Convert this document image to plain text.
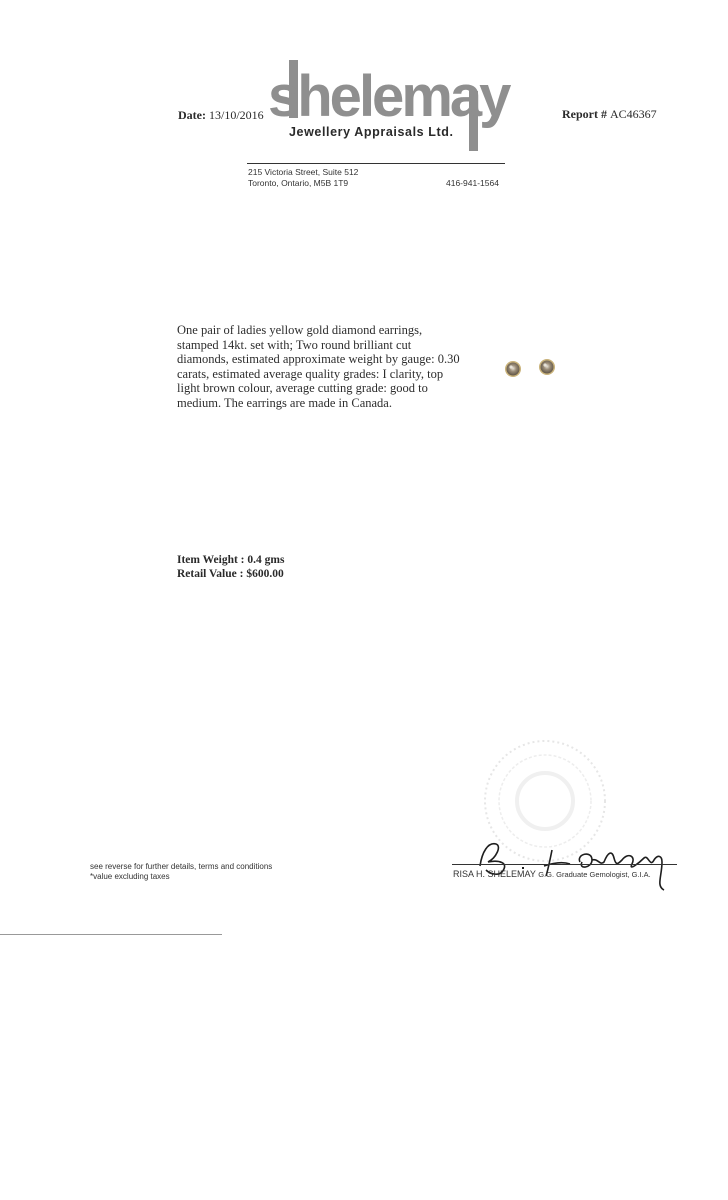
Date: 13/10/2016 shelemay
Jewellery Appraisals Ltd.
Report # AC46367
215 Victoria Street, Suite 512
Toronto, Ontario, M5B 1T9	416-941-1564

One pair of ladies yellow gold diamond earrings,

stamped 14kt. set with; Two round brilliant cut

diamonds, estimated approximate weight by gauge: 0.30

carats, estimated average quality grades: I clarity, top

light brown colour, average cutting grade: good to

medium. The earrings are made in Canada.

Item Weight : 0.4 gms
Retail Value : $600.00
RISA H. SHELEMAY G.G. Graduate Gemologist, G.I.A.
see reverse for further details, terms and conditions
*value excluding taxes
